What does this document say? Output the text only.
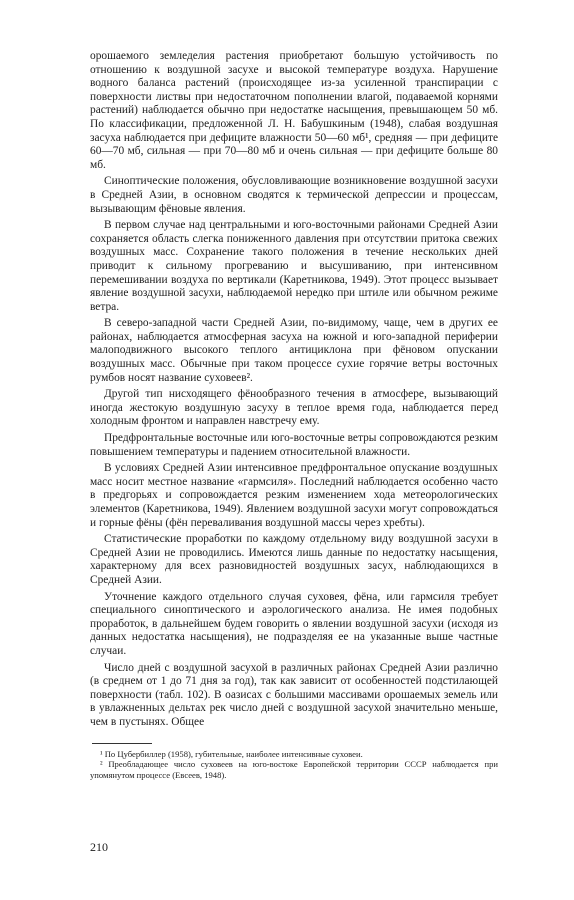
орошаемого земледелия растения приобретают большую устойчивость по отношению к воздушной засухе и высокой температуре воздуха. Нарушение водного баланса растений (происходящее из-за усиленной транспирации с поверхности листвы при недостаточном пополнении влагой, подаваемой корнями растений) наблюдается обычно при недостатке насыщения, превышающем 50 мб. По классификации, предложенной Л. Н. Бабушкиным (1948), слабая воздушная засуха наблюдается при дефиците влажности 50—60 мб¹, средняя — при дефиците 60—70 мб, сильная — при 70—80 мб и очень сильная — при дефиците больше 80 мб.

Синоптические положения, обусловливающие возникновение воздушной засухи в Средней Азии, в основном сводятся к термической депрессии и процессам, вызывающим фёновые явления.

В первом случае над центральными и юго-восточными районами Средней Азии сохраняется область слегка пониженного давления при отсутствии притока свежих воздушных масс. Сохранение такого положения в течение нескольких дней приводит к сильному прогреванию и высушиванию, при интенсивном перемешивании воздуха по вертикали (Каретникова, 1949). Этот процесс вызывает явление воздушной засухи, наблюдаемой нередко при штиле или обычном режиме ветра.

В северо-западной части Средней Азии, по-видимому, чаще, чем в других ее районах, наблюдается атмосферная засуха на южной и юго-западной периферии малоподвижного высокого теплого антициклона при фёновом опускании воздушных масс. Обычные при таком процессе сухие горячие ветры восточных румбов носят название суховеев².

Другой тип нисходящего фёнообразного течения в атмосфере, вызывающий иногда жестокую воздушную засуху в теплое время года, наблюдается перед холодным фронтом и направлен навстречу ему.

Предфронтальные восточные или юго-восточные ветры сопровождаются резким повышением температуры и падением относительной влажности.

В условиях Средней Азии интенсивное предфронтальное опускание воздушных масс носит местное название «гармсиля». Последний наблюдается особенно часто в предгорьях и сопровождается резким изменением хода метеорологических элементов (Каретникова, 1949). Явлением воздушной засухи могут сопровождаться и горные фёны (фён переваливания воздушной массы через хребты).

Статистические проработки по каждому отдельному виду воздушной засухи в Средней Азии не проводились. Имеются лишь данные по недостатку насыщения, характерному для всех разновидностей воздушных засух, наблюдающихся в Средней Азии.

Уточнение каждого отдельного случая суховея, фёна, или гармсиля требует специального синоптического и аэрологического анализа. Не имея подобных проработок, в дальнейшем будем говорить о явлении воздушной засухи (исходя из данных недостатка насыщения), не подразделяя ее на указанные выше частные случаи.

Число дней с воздушной засухой в различных районах Средней Азии различно (в среднем от 1 до 71 дня за год), так как зависит от особенностей подстилающей поверхности (табл. 102). В оазисах с большими массивами орошаемых земель или в увлажненных дельтах рек число дней с воздушной засухой значительно меньше, чем в пустынях. Общее

¹ По Цубербиллер (1958), губительные, наиболее интенсивные суховеи.

² Преобладающее число суховеев на юго-востоке Европейской территории СССР наблюдается при упомянутом процессе (Евсеев, 1948).

210
